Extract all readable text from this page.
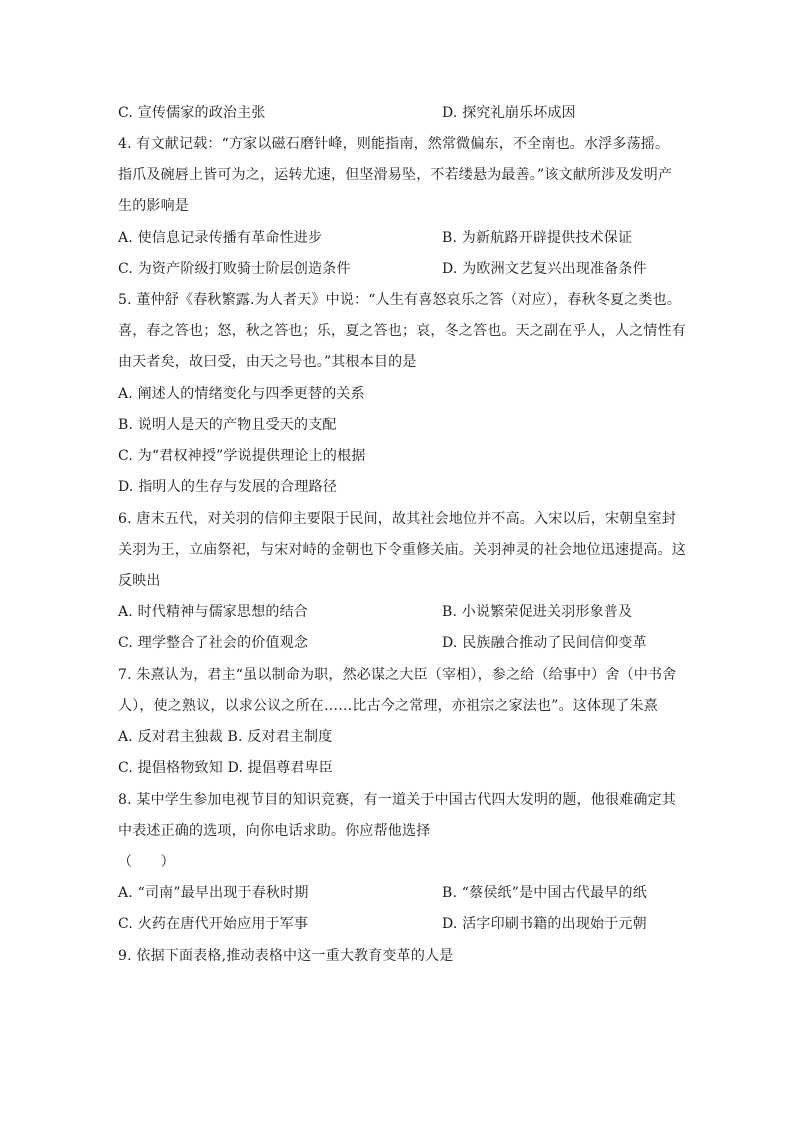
C. 宣传儒家的政治主张	D. 探究礼崩乐坏成因
4. 有文献记载：“方家以磁石磨针峰，则能指南，然常微偏东，不全南也。水浮多荡摇。
指爪及碗唇上皆可为之，运转尤速，但坚滑易坠，不若缕悬为最善。”该文献所涉及发明产
生的影响是
A. 使信息记录传播有革命性进步	B. 为新航路开辟提供技术保证
C. 为资产阶级打败骑士阶层创造条件	D. 为欧洲文艺复兴出现准备条件
5. 董仲舒《春秋繁露.为人者天》中说：“人生有喜怒哀乐之答（对应），春秋冬夏之类也。
喜，春之答也；怒，秋之答也；乐，夏之答也；哀，冬之答也。天之副在乎人，人之情性有
由天者矣，故曰受，由天之号也。”其根本目的是
A. 阐述人的情绪变化与四季更替的关系
B. 说明人是天的产物且受天的支配
C. 为“君权神授”学说提供理论上的根据
D. 指明人的生存与发展的合理路径
6. 唐末五代，对关羽的信仰主要限于民间，故其社会地位并不高。入宋以后，宋朝皇室封
关羽为王，立庙祭祀，与宋对峙的金朝也下令重修关庙。关羽神灵的社会地位迅速提高。这
反映出
A. 时代精神与儒家思想的结合	B. 小说繁荣促进关羽形象普及
C. 理学整合了社会的价值观念	D. 民族融合推动了民间信仰变革
7. 朱熹认为，君主“虽以制命为职，然必谋之大臣（宰相），参之给（给事中）舍（中书舍
人），使之熟议，以求公议之所在……比古今之常理，亦祖宗之家法也”。这体现了朱熹
A. 反对君主独裁 B. 反对君主制度
C. 提倡格物致知 D. 提倡尊君卑臣
8. 某中学生参加电视节目的知识竞赛，有一道关于中国古代四大发明的题，他很难确定其
中表述正确的选项，向你电话求助。你应帮他选择
（　　）
A. “司南”最早出现于春秋时期	B. “蔡侯纸”是中国古代最早的纸
C. 火药在唐代开始应用于军事	D. 活字印刷书籍的出现始于元朝
9. 依据下面表格,推动表格中这一重大教育变革的人是
